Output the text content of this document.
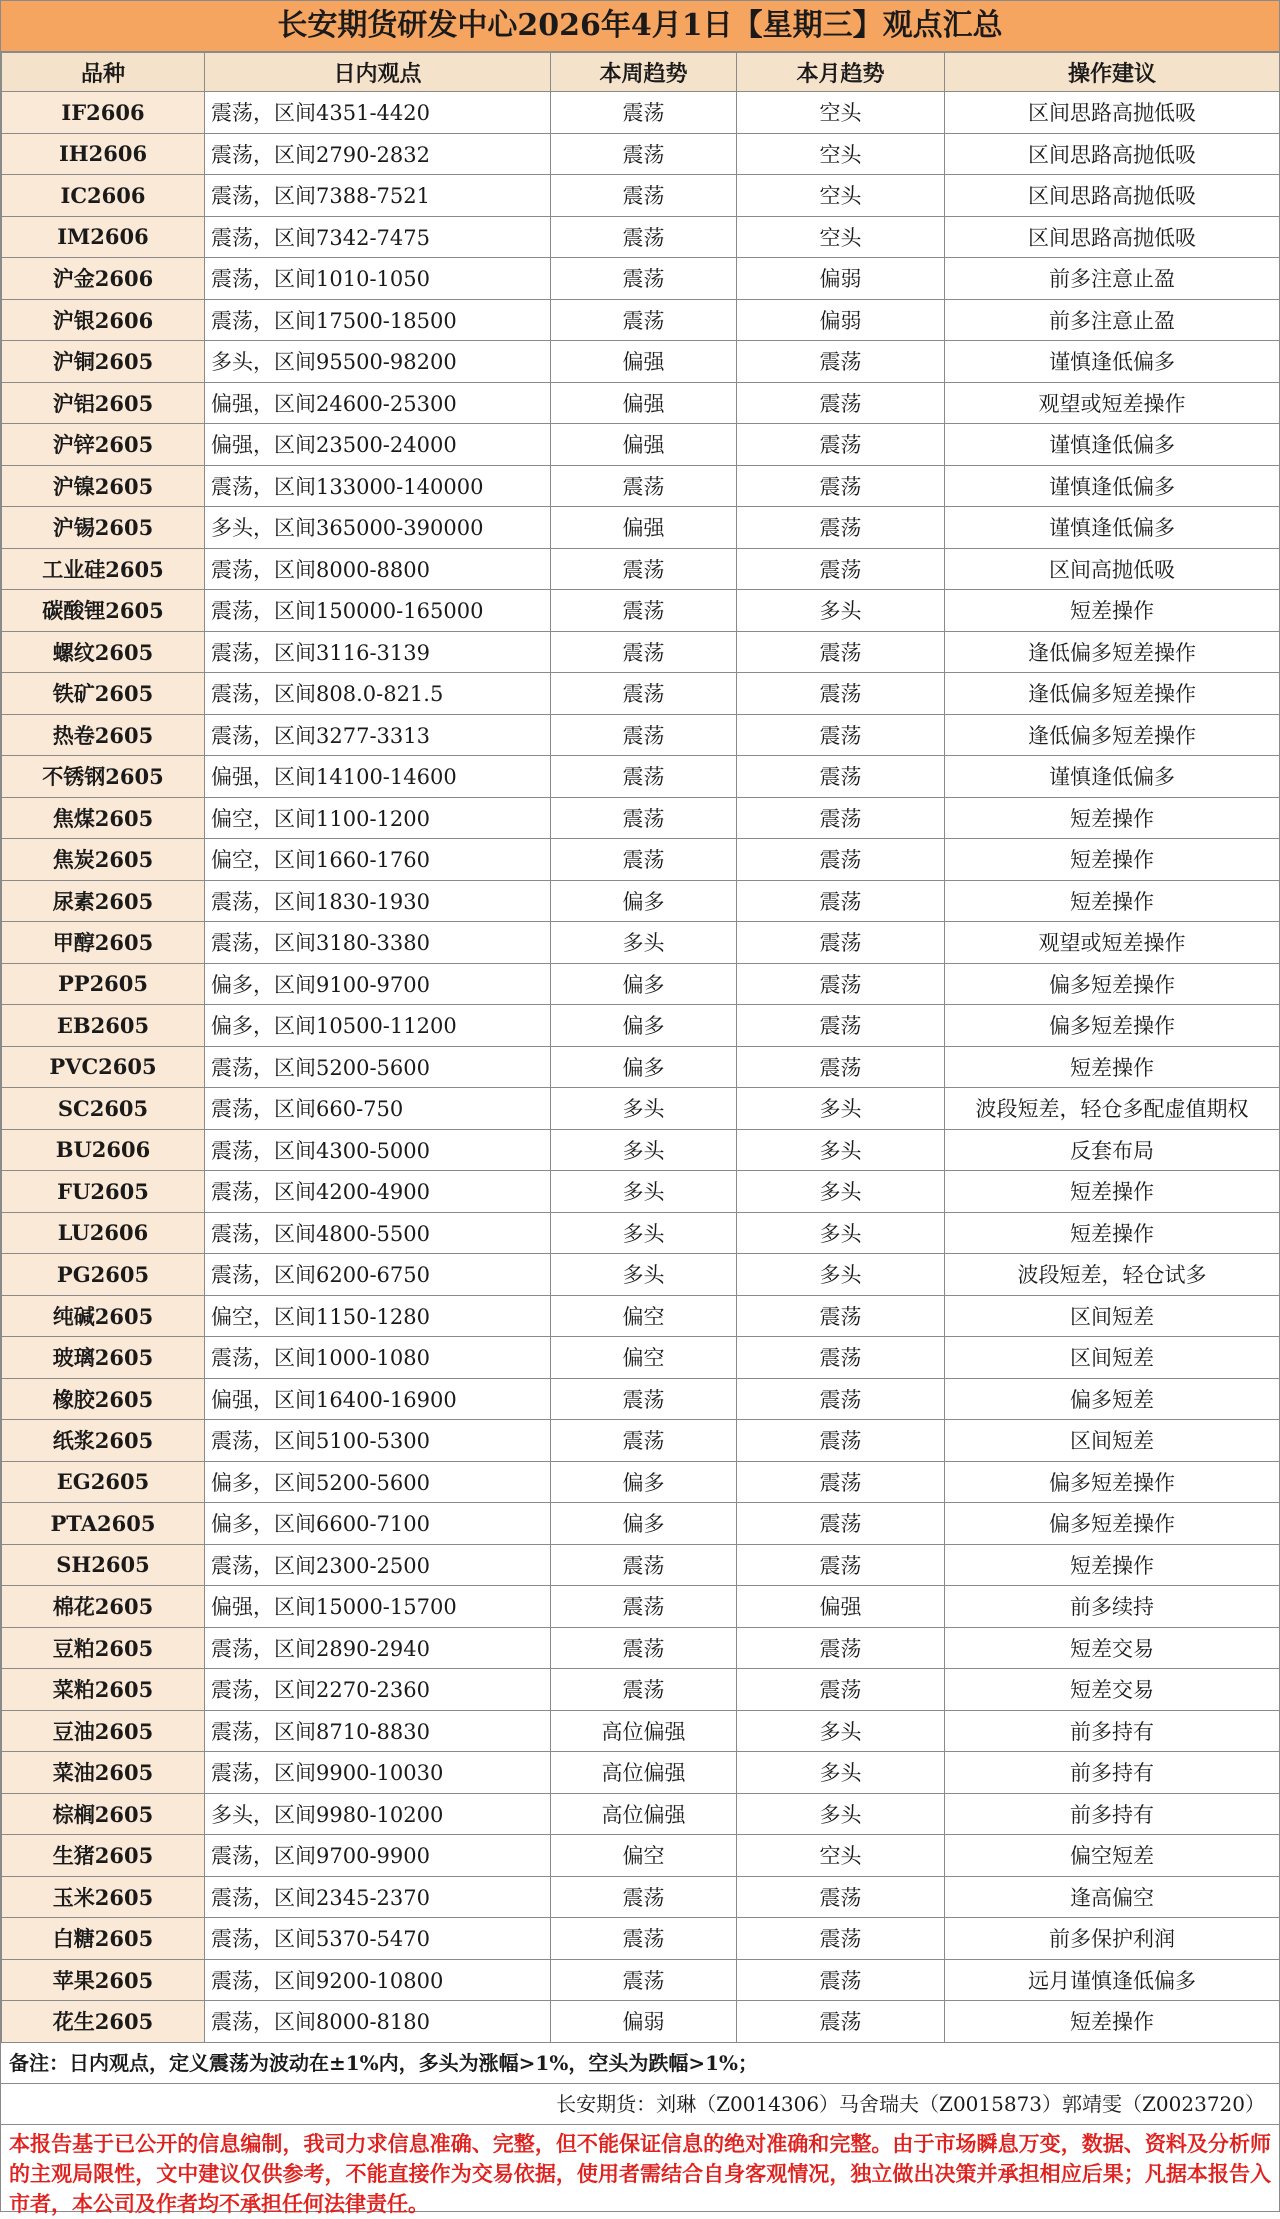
长安期货研发中心2026年4月1日【星期三】观点汇总
品种	日内观点	本周趋势	本月趋势	操作建议
IF2606	震荡，区间4351-4420	震荡	空头	区间思路高抛低吸
IH2606	震荡，区间2790-2832	震荡	空头	区间思路高抛低吸
IC2606	震荡，区间7388-7521	震荡	空头	区间思路高抛低吸
IM2606	震荡，区间7342-7475	震荡	空头	区间思路高抛低吸
沪金2606	震荡，区间1010-1050	震荡	偏弱	前多注意止盈
沪银2606	震荡，区间17500-18500	震荡	偏弱	前多注意止盈
沪铜2605	多头，区间95500-98200	偏强	震荡	谨慎逢低偏多
沪铝2605	偏强，区间24600-25300	偏强	震荡	观望或短差操作
沪锌2605	偏强，区间23500-24000	偏强	震荡	谨慎逢低偏多
沪镍2605	震荡，区间133000-140000	震荡	震荡	谨慎逢低偏多
沪锡2605	多头，区间365000-390000	偏强	震荡	谨慎逢低偏多
工业硅2605	震荡，区间8000-8800	震荡	震荡	区间高抛低吸
碳酸锂2605	震荡，区间150000-165000	震荡	多头	短差操作
螺纹2605	震荡，区间3116-3139	震荡	震荡	逢低偏多短差操作
铁矿2605	震荡，区间808.0-821.5	震荡	震荡	逢低偏多短差操作
热卷2605	震荡，区间3277-3313	震荡	震荡	逢低偏多短差操作
不锈钢2605	偏强，区间14100-14600	震荡	震荡	谨慎逢低偏多
焦煤2605	偏空，区间1100-1200	震荡	震荡	短差操作
焦炭2605	偏空，区间1660-1760	震荡	震荡	短差操作
尿素2605	震荡，区间1830-1930	偏多	震荡	短差操作
甲醇2605	震荡，区间3180-3380	多头	震荡	观望或短差操作
PP2605	偏多，区间9100-9700	偏多	震荡	偏多短差操作
EB2605	偏多，区间10500-11200	偏多	震荡	偏多短差操作
PVC2605	震荡，区间5200-5600	偏多	震荡	短差操作
SC2605	震荡，区间660-750	多头	多头	波段短差，轻仓多配虚值期权
BU2606	震荡，区间4300-5000	多头	多头	反套布局
FU2605	震荡，区间4200-4900	多头	多头	短差操作
LU2606	震荡，区间4800-5500	多头	多头	短差操作
PG2605	震荡，区间6200-6750	多头	多头	波段短差，轻仓试多
纯碱2605	偏空，区间1150-1280	偏空	震荡	区间短差
玻璃2605	震荡，区间1000-1080	偏空	震荡	区间短差
橡胶2605	偏强，区间16400-16900	震荡	震荡	偏多短差
纸浆2605	震荡，区间5100-5300	震荡	震荡	区间短差
EG2605	偏多，区间5200-5600	偏多	震荡	偏多短差操作
PTA2605	偏多，区间6600-7100	偏多	震荡	偏多短差操作
SH2605	震荡，区间2300-2500	震荡	震荡	短差操作
棉花2605	偏强，区间15000-15700	震荡	偏强	前多续持
豆粕2605	震荡，区间2890-2940	震荡	震荡	短差交易
菜粕2605	震荡，区间2270-2360	震荡	震荡	短差交易
豆油2605	震荡，区间8710-8830	高位偏强	多头	前多持有
菜油2605	震荡，区间9900-10030	高位偏强	多头	前多持有
棕榈2605	多头，区间9980-10200	高位偏强	多头	前多持有
生猪2605	震荡，区间9700-9900	偏空	空头	偏空短差
玉米2605	震荡，区间2345-2370	震荡	震荡	逢高偏空
白糖2605	震荡，区间5370-5470	震荡	震荡	前多保护利润
苹果2605	震荡，区间9200-10800	震荡	震荡	远月谨慎逢低偏多
花生2605	震荡，区间8000-8180	偏弱	震荡	短差操作
备注：日内观点，定义震荡为波动在±1%内，多头为涨幅>1%，空头为跌幅>1%；
长安期货：刘琳（Z0014306）马舍瑞夫（Z0015873）郭靖雯（Z0023720）
本报告基于已公开的信息编制，我司力求信息准确、完整，但不能保证信息的绝对准确和完整。由于市场瞬息万变，数据、资料及分析师的主观局限性，文中建议仅供参考，不能直接作为交易依据，使用者需结合自身客观情况，独立做出决策并承担相应后果；凡据本报告入市者，本公司及作者均不承担任何法律责任。
